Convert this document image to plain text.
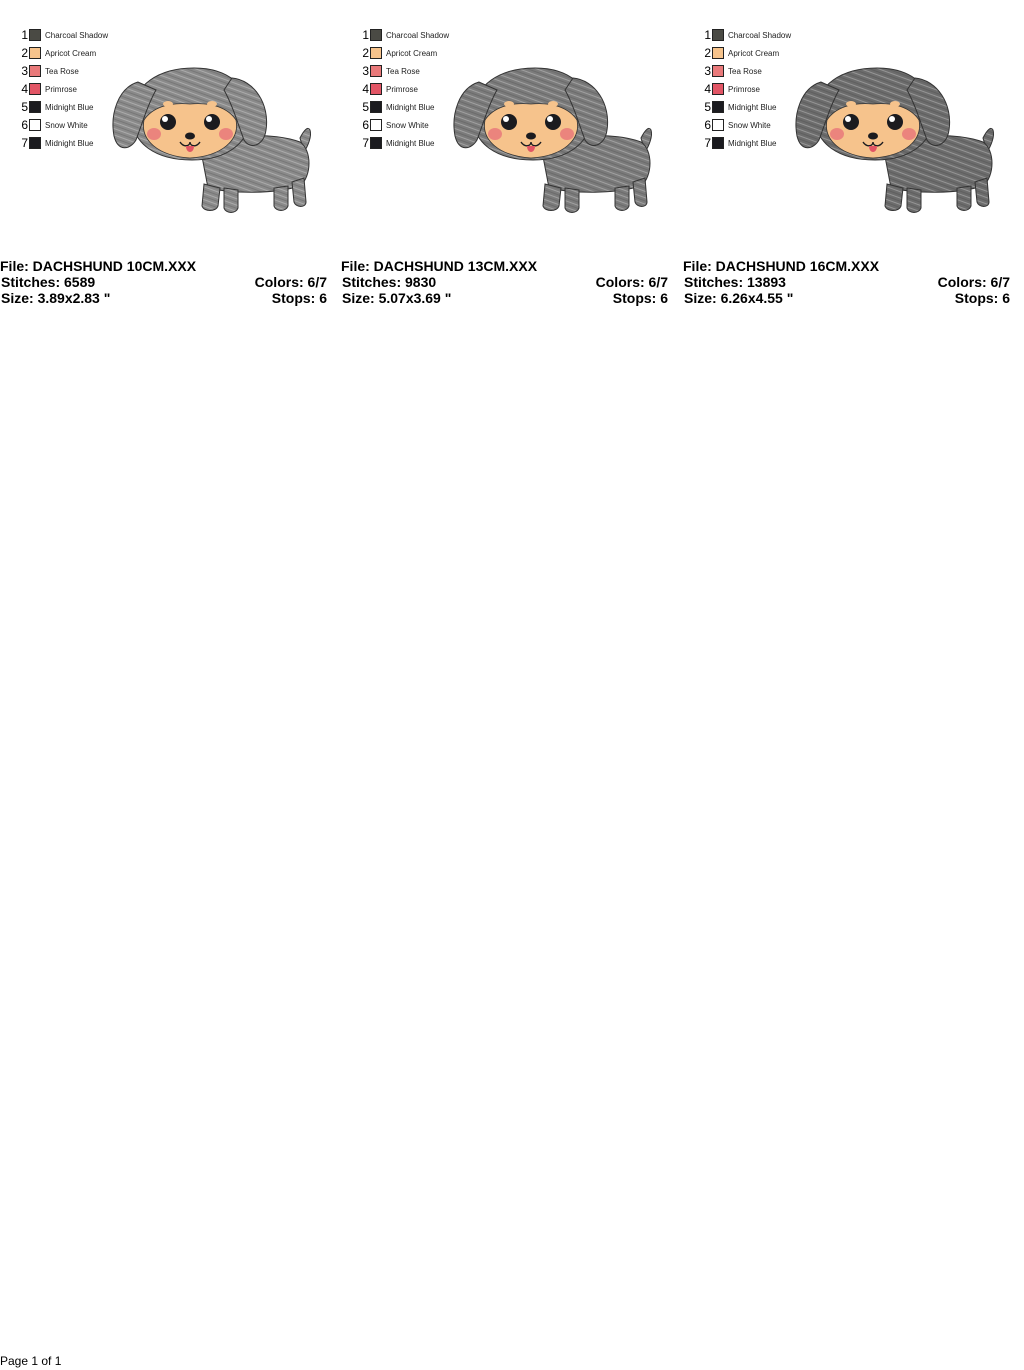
1 Charcoal Shadow
2 Apricot Cream
3 Tea Rose
4 Primrose
5 Midnight Blue
6 Snow White
7 Midnight Blue
File: DACHSHUND 10CM.XXX
Stitches: 6589
Size: 3.89x2.83 "
Colors: 6/7
Stops: 6
1 Charcoal Shadow
2 Apricot Cream
3 Tea Rose
4 Primrose
5 Midnight Blue
6 Snow White
7 Midnight Blue
File: DACHSHUND 13CM.XXX
Stitches: 9830
Size: 5.07x3.69 "
Colors: 6/7
Stops: 6
1 Charcoal Shadow
2 Apricot Cream
3 Tea Rose
4 Primrose
5 Midnight Blue
6 Snow White
7 Midnight Blue
File: DACHSHUND 16CM.XXX
Stitches: 13893
Size: 6.26x4.55 "
Colors: 6/7
Stops: 6
Page 1 of 1
